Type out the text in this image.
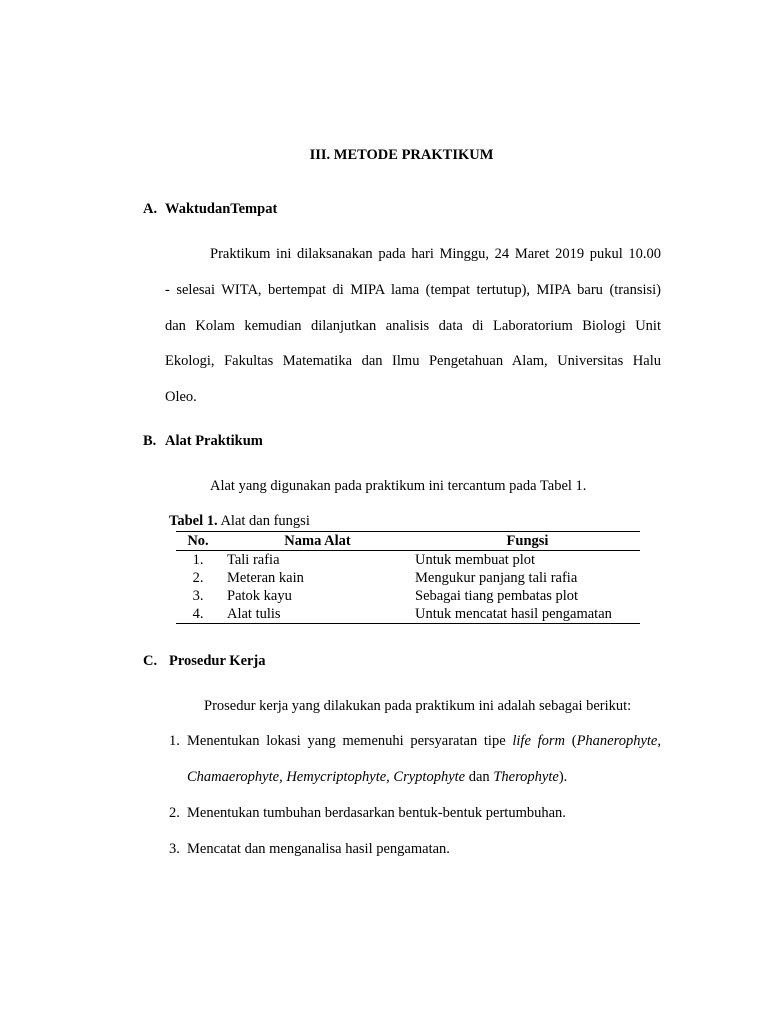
III. METODE PRAKTIKUM
A. WaktudanTempat
Praktikum ini dilaksanakan pada hari Minggu, 24 Maret 2019 pukul 10.00
- selesai WITA, bertempat di MIPA lama (tempat tertutup), MIPA baru (transisi)
dan Kolam kemudian dilanjutkan analisis data di Laboratorium Biologi Unit
Ekologi, Fakultas Matematika dan Ilmu Pengetahuan Alam, Universitas Halu
Oleo.
B. Alat Praktikum
Alat yang digunakan pada praktikum ini tercantum pada Tabel 1.
Tabel 1. Alat dan fungsi
No.	Nama Alat	Fungsi
1.	Tali rafia	Untuk membuat plot
2.	Meteran kain	Mengukur panjang tali rafia
3.	Patok kayu	Sebagai tiang pembatas plot
4.	Alat tulis	Untuk mencatat hasil pengamatan
C. Prosedur Kerja
Prosedur kerja yang dilakukan pada praktikum ini adalah sebagai berikut:
1. Menentukan lokasi yang memenuhi persyaratan tipe life form (Phanerophyte,
Chamaerophyte, Hemycriptophyte, Cryptophyte dan Therophyte).
2. Menentukan tumbuhan berdasarkan bentuk-bentuk pertumbuhan.
3. Mencatat dan menganalisa hasil pengamatan.
